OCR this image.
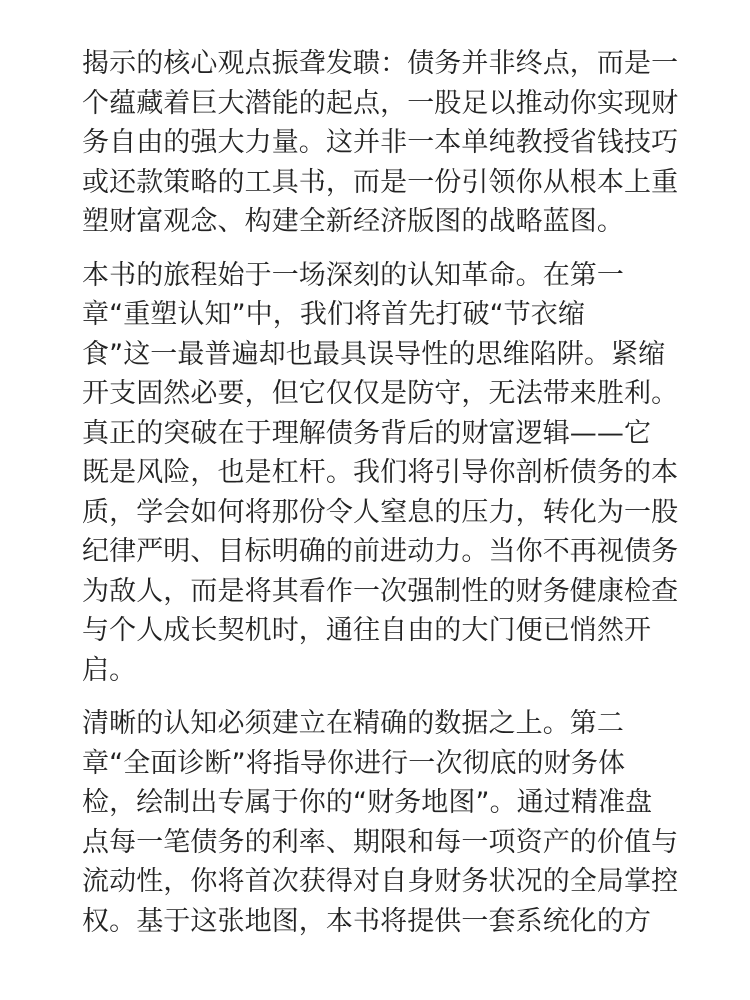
揭示的核心观点振聋发聩：债务并非终点，而是一
个蕴藏着巨大潜能的起点，一股足以推动你实现财
务自由的强大力量。这并非一本单纯教授省钱技巧
或还款策略的工具书，而是一份引领你从根本上重
塑财富观念、构建全新经济版图的战略蓝图。
本书的旅程始于一场深刻的认知革命。在第一
章“重塑认知”中，我们将首先打破“节衣缩
食”这一最普遍却也最具误导性的思维陷阱。紧缩
开支固然必要，但它仅仅是防守，无法带来胜利。
真正的突破在于理解债务背后的财富逻辑——它
既是风险，也是杠杆。我们将引导你剖析债务的本
质，学会如何将那份令人窒息的压力，转化为一股
纪律严明、目标明确的前进动力。当你不再视债务
为敌人，而是将其看作一次强制性的财务健康检查
与个人成长契机时，通往自由的大门便已悄然开
启。
清晰的认知必须建立在精确的数据之上。第二
章“全面诊断”将指导你进行一次彻底的财务体
检，绘制出专属于你的“财务地图”。通过精准盘
点每一笔债务的利率、期限和每一项资产的价值与
流动性，你将首次获得对自身财务状况的全局掌控
权。基于这张地图，本书将提供一套系统化的方
